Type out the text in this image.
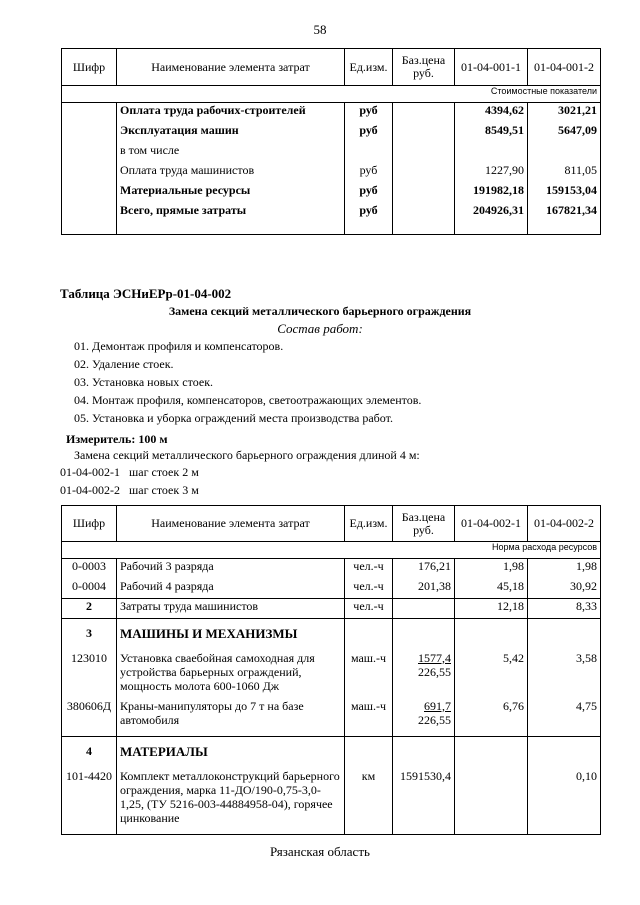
58
Шифр	Наименование элемента затрат	Ед.изм.	Баз.цена руб.	01-04-001-1	01-04-001-2
Стоимостные показатели					
	Оплата труда рабочих-строителей	руб		4394,62	3021,21
	Эксплуатация машин	руб		8549,51	5647,09
	в том числе				
	Оплата труда машинистов	руб		1227,90	811,05
	Материальные ресурсы	руб		191982,18	159153,04
	Всего, прямые затраты	руб		204926,31	167821,34
Таблица ЭСНиЕРр-01-04-002
Замена секций металлического барьерного ограждения
Состав работ:
01. Демонтаж профиля и компенсаторов.
02. Удаление стоек.
03. Установка новых стоек.
04. Монтаж профиля, компенсаторов, светоотражающих элементов.
05. Установка и уборка ограждений места производства работ.
Измеритель: 100 м
Замена секций металлического барьерного ограждения длиной 4 м:
01-04-002-1 шаг стоек 2 м
01-04-002-2 шаг стоек 3 м
Шифр	Наименование элемента затрат	Ед.изм.	Баз.цена руб.	01-04-002-1	01-04-002-2
Норма расхода ресурсов					
0-0003	Рабочий 3 разряда	чел.-ч	176,21	1,98	1,98
0-0004	Рабочий 4 разряда	чел.-ч	201,38	45,18	30,92
2	Затраты труда машинистов	чел.-ч		12,18	8,33
3	МАШИНЫ И МЕХАНИЗМЫ				
123010	Установка сваебойная самоходная для устройства барьерных ограждений, мощность молота 600-1060 Дж	маш.-ч	$\frac{1577,4}{226,55}$	5,42	3,58
380606Д	Краны-манипуляторы до 7 т на базе автомобиля	маш.-ч	$\frac{691,7}{226,55}$	6,76	4,75
4	МАТЕРИАЛЫ				
101-4420	Комплект металлоконструкций барьерного ограждения, марка 11-ДО/190-0,75-3,0-1,25, (ТУ 5216-003-44884958-04), горячее цинкование	км	1591530,4		0,10
Рязанская область
